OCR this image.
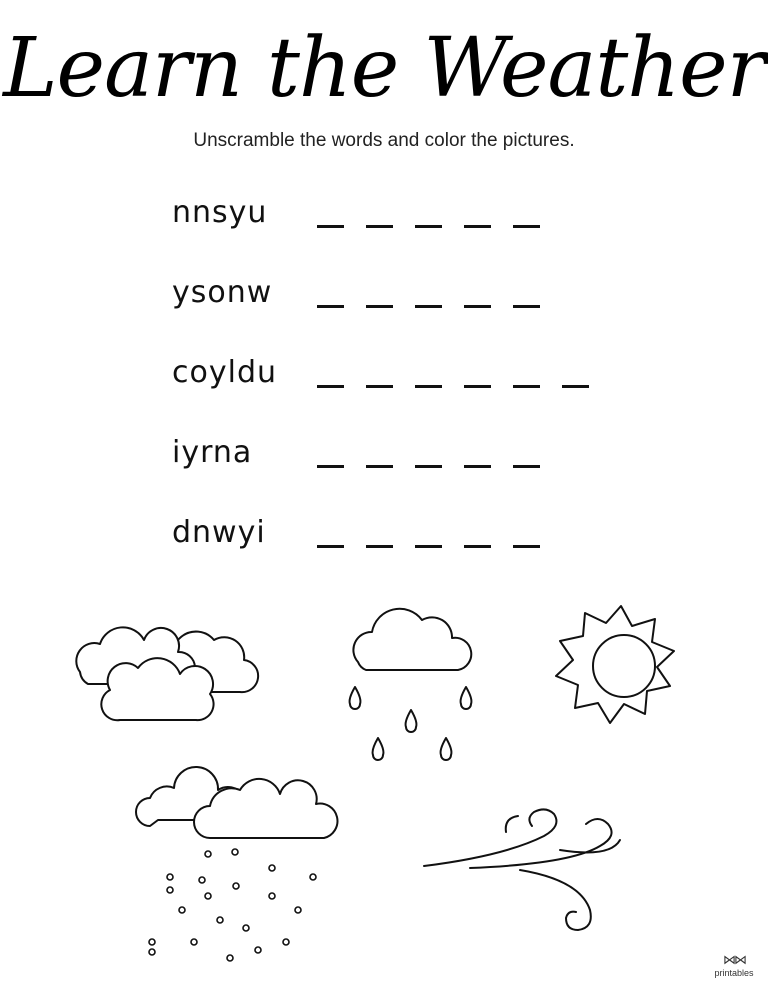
Learn the Weather
Unscramble the words and color the pictures.
nnsyu
ysonw
coyldu
iyrna
dnwyi
⋈⋈
printables
